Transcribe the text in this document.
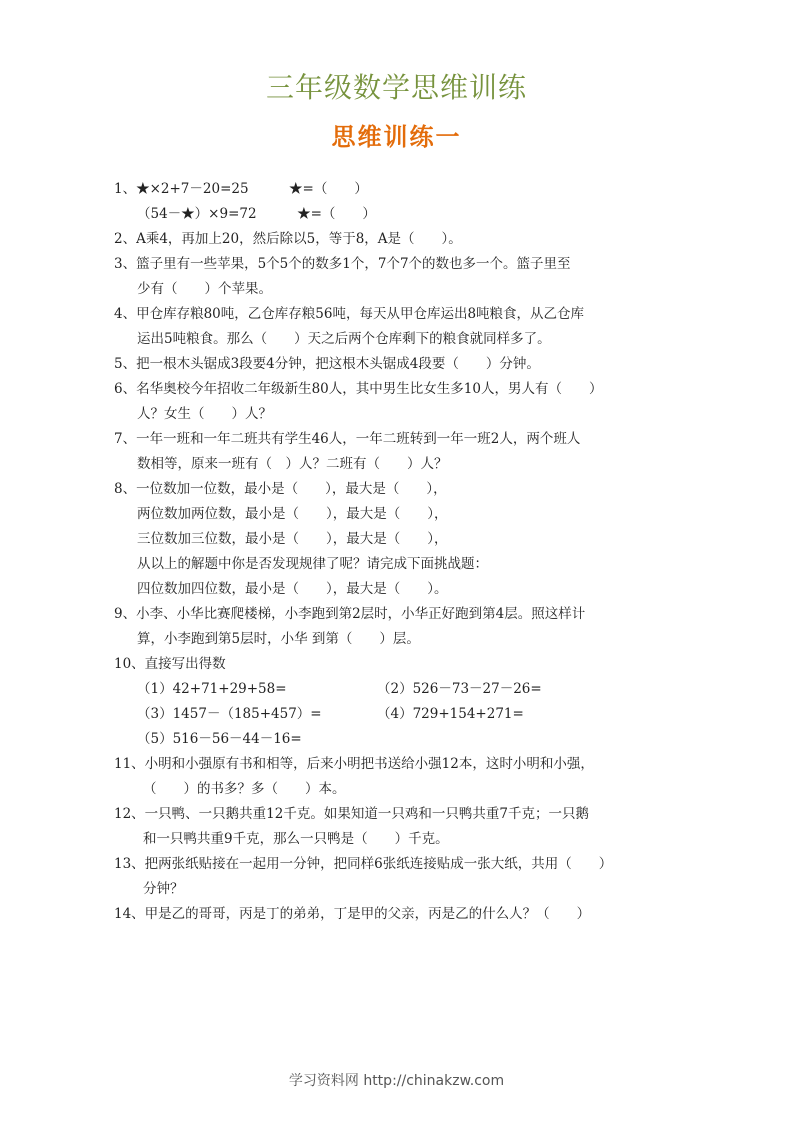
三年级数学思维训练
思维训练一
1、★×2+7－20=25　　　★=（　　）
（54－★）×9=72　　　★=（　　）
2、A乘4，再加上20，然后除以5，等于8，A是（　　）。
3、篮子里有一些苹果，5个5个的数多1个，7个7个的数也多一个。篮子里至
少有（　　）个苹果。
4、甲仓库存粮80吨，乙仓库存粮56吨，每天从甲仓库运出8吨粮食，从乙仓库
运出5吨粮食。那么（　　）天之后两个仓库剩下的粮食就同样多了。
5、把一根木头锯成3段要4分钟，把这根木头锯成4段要（　　）分钟。
6、名华奥校今年招收二年级新生80人，其中男生比女生多10人，男人有（　　）
人？女生（　　）人？
7、一年一班和一年二班共有学生46人，一年二班转到一年一班2人，两个班人
数相等，原来一班有（　）人？二班有（　　）人？
8、一位数加一位数，最小是（　　），最大是（　　），
两位数加两位数，最小是（　　），最大是（　　），
三位数加三位数，最小是（　　），最大是（　　），
从以上的解题中你是否发现规律了呢？请完成下面挑战题：
四位数加四位数，最小是（　　），最大是（　　）。
9、小李、小华比赛爬楼梯，小李跑到第2层时，小华正好跑到第4层。照这样计
算，小李跑到第5层时，小华 到第（　　）层。
10、直接写出得数
（1）42+71+29+58=	（2）526－73－27－26=
（3）1457－（185+457）=	（4）729+154+271=
（5）516－56－44－16=
11、小明和小强原有书和相等，后来小明把书送给小强12本，这时小明和小强，
（　　）的书多？多（　　）本。
12、一只鸭、一只鹅共重12千克。如果知道一只鸡和一只鸭共重7千克；一只鹅
和一只鸭共重9千克，那么一只鸭是（　　）千克。
13、把两张纸贴接在一起用一分钟，把同样6张纸连接贴成一张大纸，共用（　　）
分钟？
14、甲是乙的哥哥，丙是丁的弟弟，丁是甲的父亲，丙是乙的什么人？（　　）
学习资料网 http://chinakzw.com
